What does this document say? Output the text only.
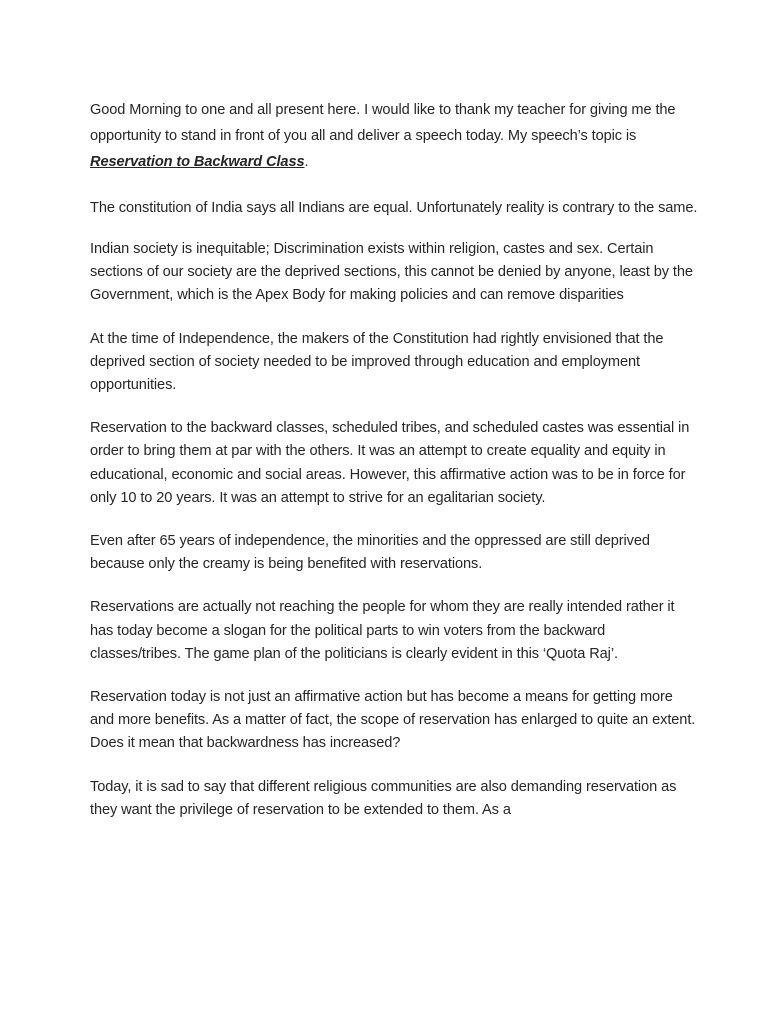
Good Morning to one and all present here. I would like to thank my teacher for giving me the opportunity to stand in front of you all and deliver a speech today. My speech’s topic is Reservation to Backward Class.

The constitution of India says all Indians are equal. Unfortunately reality is contrary to the same.

Indian society is inequitable; Discrimination exists within religion, castes and sex. Certain sections of our society are the deprived sections, this cannot be denied by anyone, least by the Government, which is the Apex Body for making policies and can remove disparities

At the time of Independence, the makers of the Constitution had rightly envisioned that the deprived section of society needed to be improved through education and employment opportunities.

Reservation to the backward classes, scheduled tribes, and scheduled castes was essential in order to bring them at par with the others. It was an attempt to create equality and equity in educational, economic and social areas. However, this affirmative action was to be in force for only 10 to 20 years. It was an attempt to strive for an egalitarian society.

Even after 65 years of independence, the minorities and the oppressed are still deprived because only the creamy is being benefited with reservations.

Reservations are actually not reaching the people for whom they are really intended rather it has today become a slogan for the political parts to win voters from the backward classes/tribes. The game plan of the politicians is clearly evident in this ‘Quota Raj’.

Reservation today is not just an affirmative action but has become a means for getting more and more benefits. As a matter of fact, the scope of reservation has enlarged to quite an extent. Does it mean that backwardness has increased?

Today, it is sad to say that different religious communities are also demanding reservation as they want the privilege of reservation to be extended to them. As a
